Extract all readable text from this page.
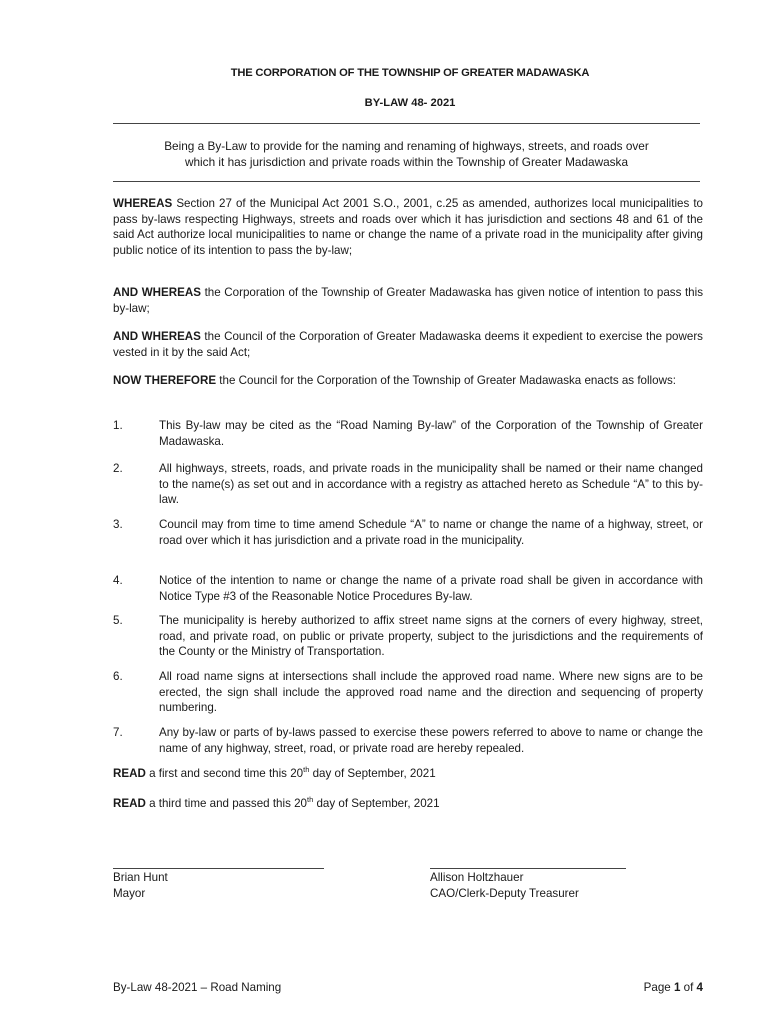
THE CORPORATION OF THE TOWNSHIP OF GREATER MADAWASKA
BY-LAW 48- 2021
Being a By-Law to provide for the naming and renaming of highways, streets, and roads over
which it has jurisdiction and private roads within the Township of Greater Madawaska
WHEREAS Section 27 of the Municipal Act 2001 S.O., 2001, c.25 as amended, authorizes local municipalities to pass by-laws respecting Highways, streets and roads over which it has jurisdiction and sections 48 and 61 of the said Act authorize local municipalities to name or change the name of a private road in the municipality after giving public notice of its intention to pass the by-law;
AND WHEREAS the Corporation of the Township of Greater Madawaska has given notice of intention to pass this by-law;
AND WHEREAS the Council of the Corporation of Greater Madawaska deems it expedient to exercise the powers vested in it by the said Act;
NOW THEREFORE the Council for the Corporation of the Township of Greater Madawaska enacts as follows:
1.	This By-law may be cited as the “Road Naming By-law” of the Corporation of the Township of Greater Madawaska.
2.	All highways, streets, roads, and private roads in the municipality shall be named or their name changed to the name(s) as set out and in accordance with a registry as attached hereto as Schedule “A” to this by-law.
3.	Council may from time to time amend Schedule “A” to name or change the name of a highway, street, or road over which it has jurisdiction and a private road in the municipality.
4.	Notice of the intention to name or change the name of a private road shall be given in accordance with Notice Type #3 of the Reasonable Notice Procedures By-law.
5.	The municipality is hereby authorized to affix street name signs at the corners of every highway, street, road, and private road, on public or private property, subject to the jurisdictions and the requirements of the County or the Ministry of Transportation.
6.	All road name signs at intersections shall include the approved road name. Where new signs are to be erected, the sign shall include the approved road name and the direction and sequencing of property numbering.
7.	Any by-law or parts of by-laws passed to exercise these powers referred to above to name or change the name of any highway, street, road, or private road are hereby repealed.
READ a first and second time this 20th day of September, 2021
READ a third time and passed this 20th day of September, 2021
Brian Hunt
Mayor
Allison Holtzhauer
CAO/Clerk-Deputy Treasurer
By-Law 48-2021 – Road Naming	Page 1 of 4
